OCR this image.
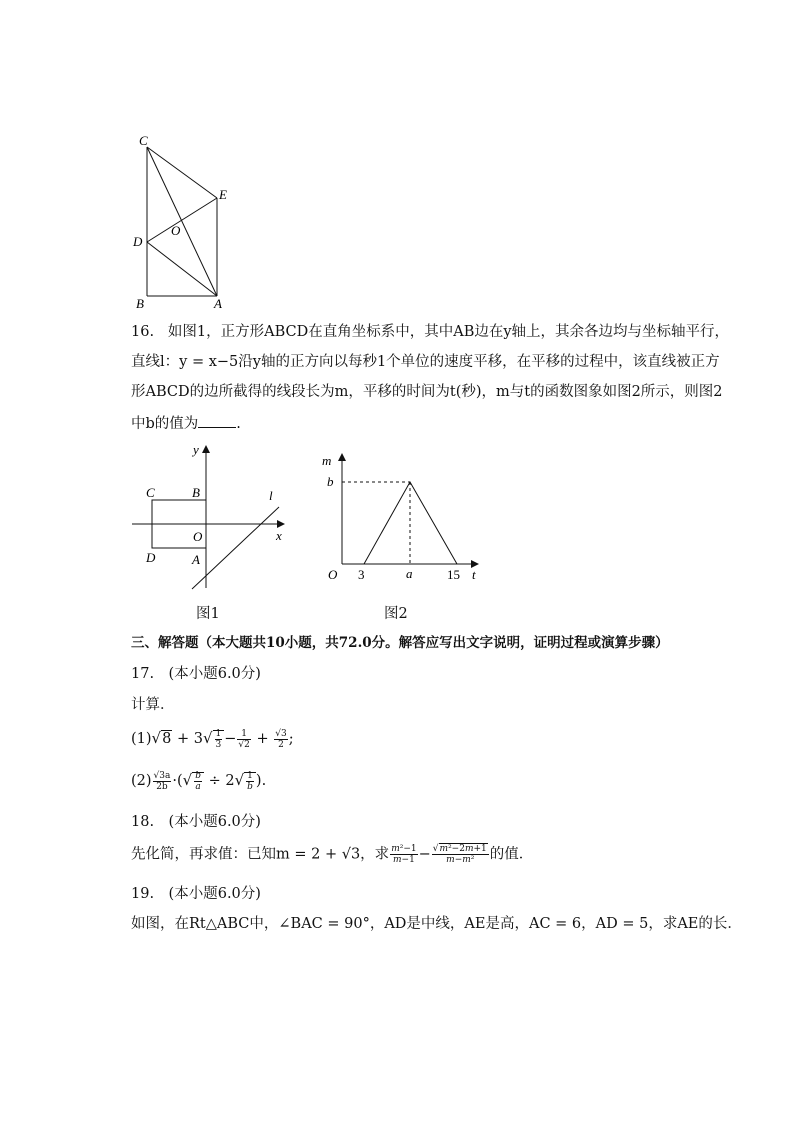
C
E
O
D
B	A
16. 如图1，正方形ABCD在直角坐标系中，其中AB边在y轴上，其余各边均与坐标轴平行，
直线l：y = x−5沿y轴的正方向以每秒1个单位的速度平移，在平移的过程中，该直线被正方
形ABCD的边所截得的线段长为m，平移的时间为t(秒)，m与t的函数图象如图2所示，则图2
中b的值为	.
y
x
C	B
O
D	A
l
图1
m
b
O 3	a	15 t
图2
三、解答题（本大题共10小题，共72.0分。解答应写出文字说明，证明过程或演算步骤）
17.　(本小题6.0分)
计算．
$(1)√8 + 3√ \frac{1}{3} - \frac{1}{√2} + \frac{√3}{2}$ ;
$(2) \frac{√3a}{2b}$ ·(√ $\frac{b}{a} \div 2√ \frac{1}{b}$ ).
18.　(本小题6.0分)
先化简，再求值：已知m = 2 + √3，求 $\frac{\text{m²−1}}{m-1} - \frac{\text{√m²−2m+1}}{\text{m−m²}}$ 的值．
19.　(本小题6.0分)
如图，在Rt△ABC中，∠BAC = 90°，AD是中线，AE是高，AC = 6，AD = 5，求AE的长．
